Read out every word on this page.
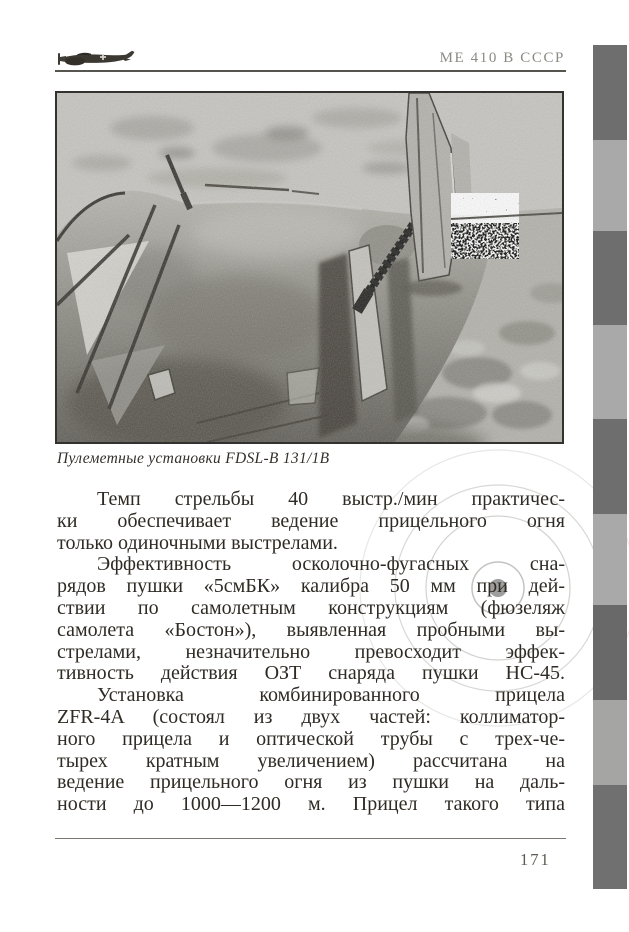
МЕ 410 В СССР
Пулеметные установки FDSL-B 131/1B
Темп стрельбы 40 выстр./мин практичес-
ки обеспечивает ведение прицельного огня
только одиночными выстрелами.
Эффективность осколочно-фугасных сна-
рядов пушки «5смБК» калибра 50 мм при дей-
ствии по самолетным конструкциям (фюзеляж
самолета «Бостон»), выявленная пробными вы-
стрелами, незначительно превосходит эффек-
тивность действия ОЗТ снаряда пушки НС-45.
Установка комбинированного прицела
ZFR-4A (состоял из двух частей: коллиматор-
ного прицела и оптической трубы с трех-че-
тырех кратным увеличением) рассчитана на
ведение прицельного огня из пушки на даль-
ности до 1000—1200 м. Прицел такого типа
171
